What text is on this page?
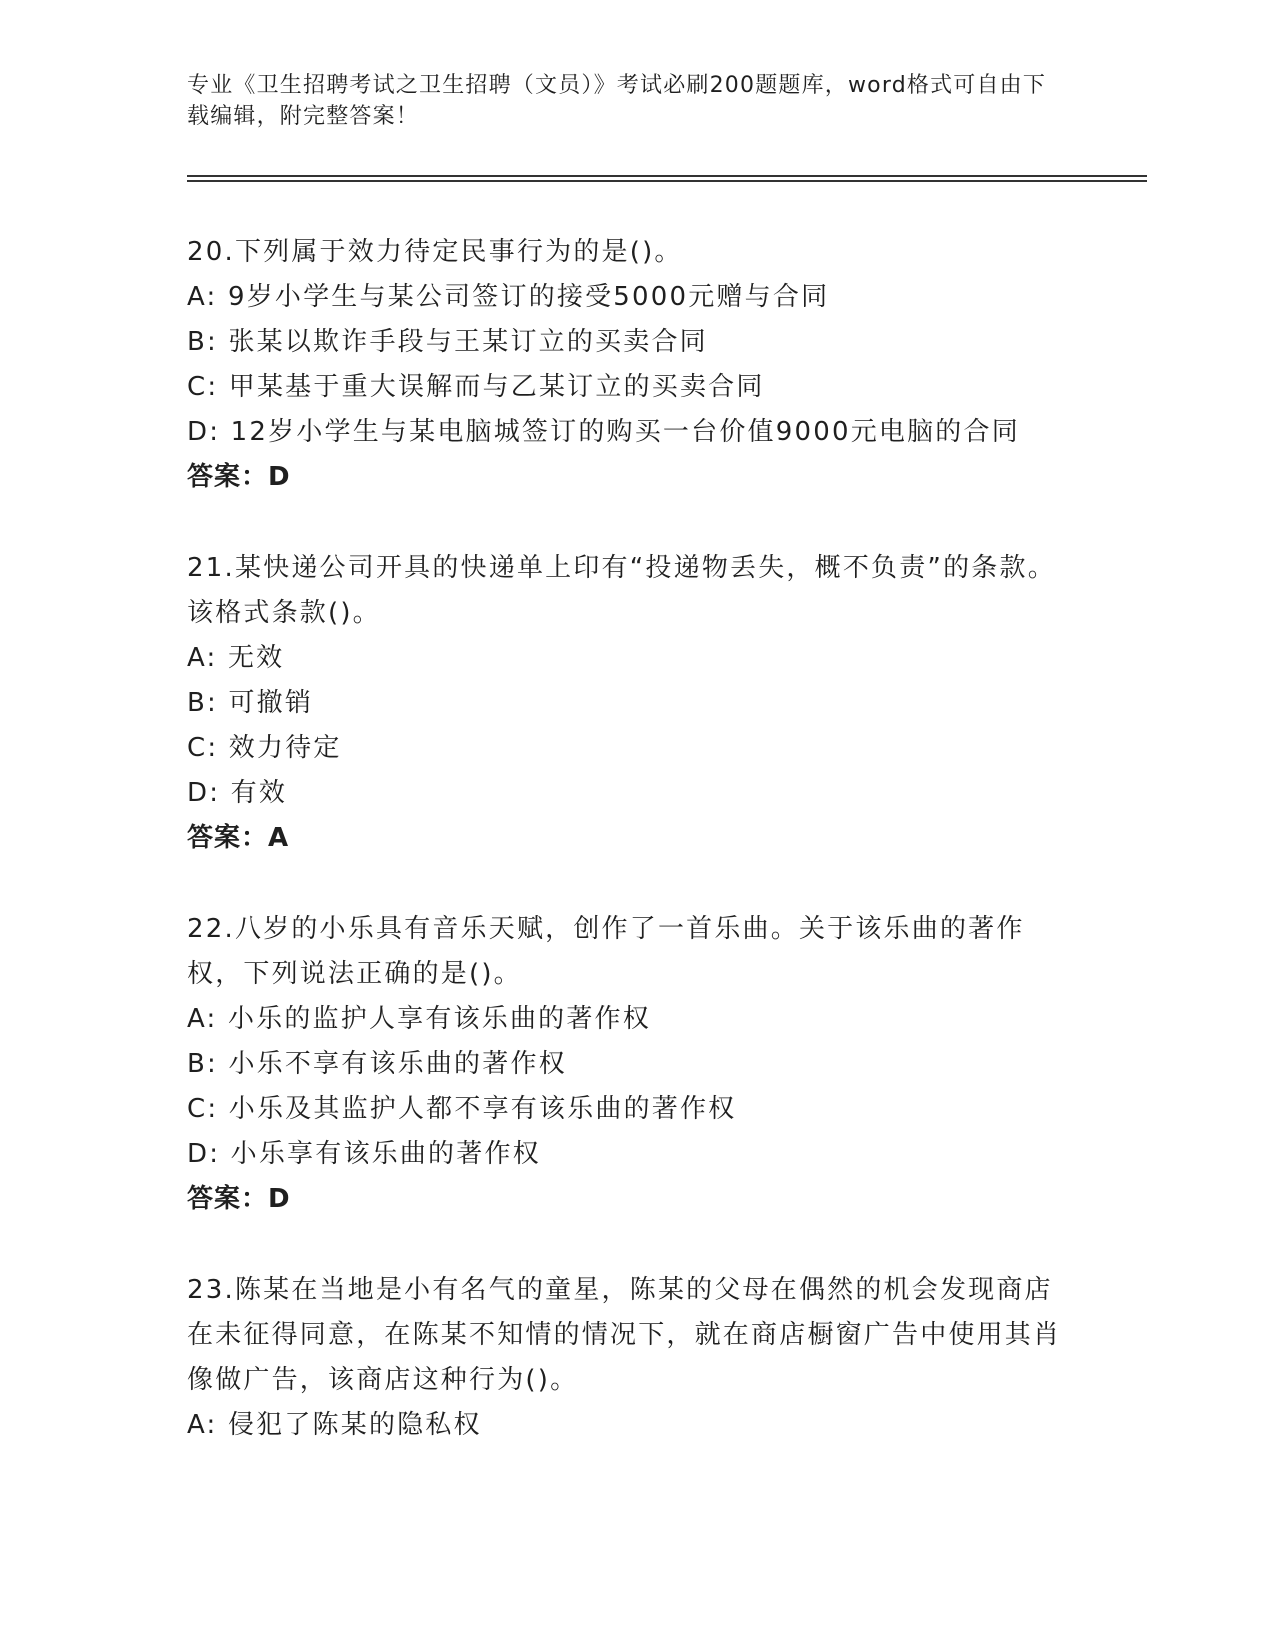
专业《卫生招聘考试之卫生招聘（文员）》考试必刷200题题库，word格式可自由下载编辑，附完整答案！

20.下列属于效力待定民事行为的是()。

A: 9岁小学生与某公司签订的接受5000元赠与合同

B: 张某以欺诈手段与王某订立的买卖合同

C: 甲某基于重大误解而与乙某订立的买卖合同

D: 12岁小学生与某电脑城签订的购买一台价值9000元电脑的合同

答案：D

21.某快递公司开具的快递单上印有“投递物丢失，概不负责”的条款。该格式条款()。

A: 无效

B: 可撤销

C: 效力待定

D: 有效

答案：A

22.八岁的小乐具有音乐天赋，创作了一首乐曲。关于该乐曲的著作权，下列说法正确的是()。

A: 小乐的监护人享有该乐曲的著作权

B: 小乐不享有该乐曲的著作权

C: 小乐及其监护人都不享有该乐曲的著作权

D: 小乐享有该乐曲的著作权

答案：D

23.陈某在当地是小有名气的童星，陈某的父母在偶然的机会发现商店在未征得同意，在陈某不知情的情况下，就在商店橱窗广告中使用其肖像做广告，该商店这种行为()。

A: 侵犯了陈某的隐私权
